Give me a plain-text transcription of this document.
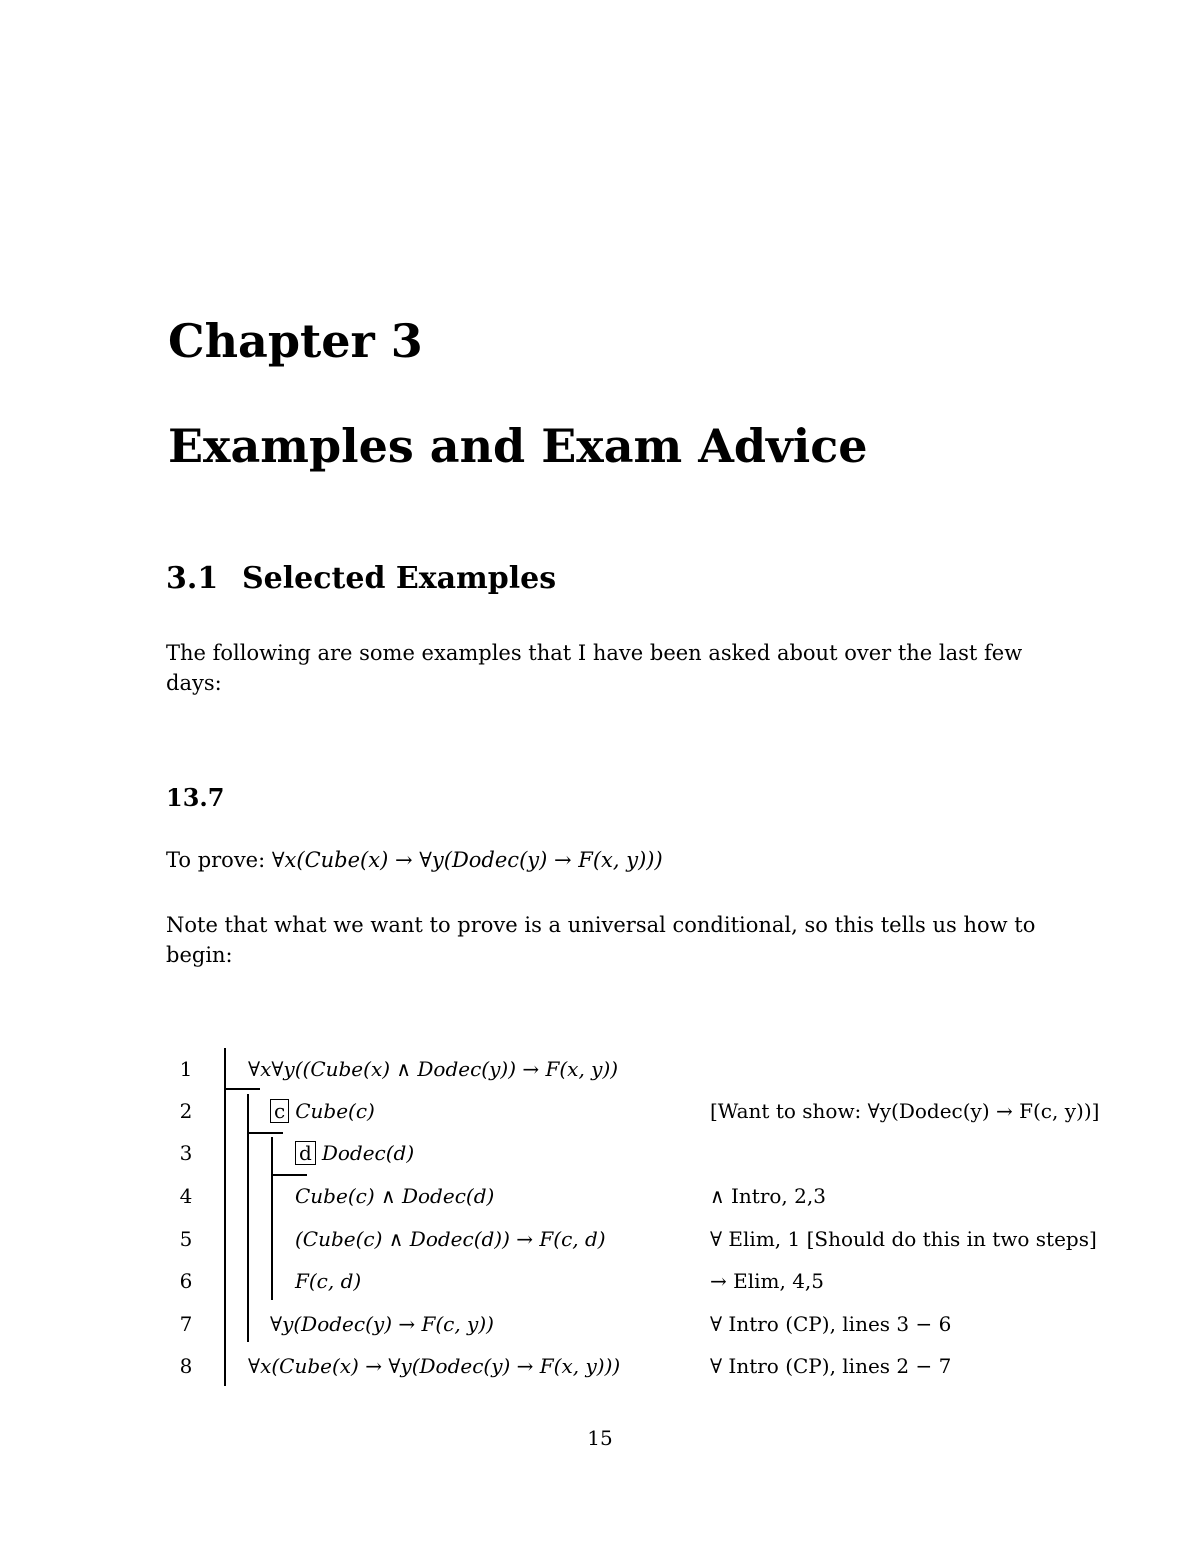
Chapter 3
Examples and Exam Advice
3.1 Selected Examples
The following are some examples that I have been asked about over the last few days:
13.7
To prove: ∀x(Cube(x) → ∀y(Dodec(y) → F(x, y)))
Note that what we want to prove is a universal conditional, so this tells us how to begin:
1
2
3
4
5
6
7
8
∀x∀y((Cube(x) ∧ Dodec(y)) → F(x, y))
c Cube(c)
d Dodec(d)
Cube(c) ∧ Dodec(d)
(Cube(c) ∧ Dodec(d)) → F(c, d)
F(c, d)
∀y(Dodec(y) → F(c, y))
∀x(Cube(x) → ∀y(Dodec(y) → F(x, y)))
[Want to show: ∀y(Dodec(y) → F(c, y))]
∧ Intro, 2,3
∀ Elim, 1 [Should do this in two steps]
→ Elim, 4,5
∀ Intro (CP), lines 3 − 6
∀ Intro (CP), lines 2 − 7
15
